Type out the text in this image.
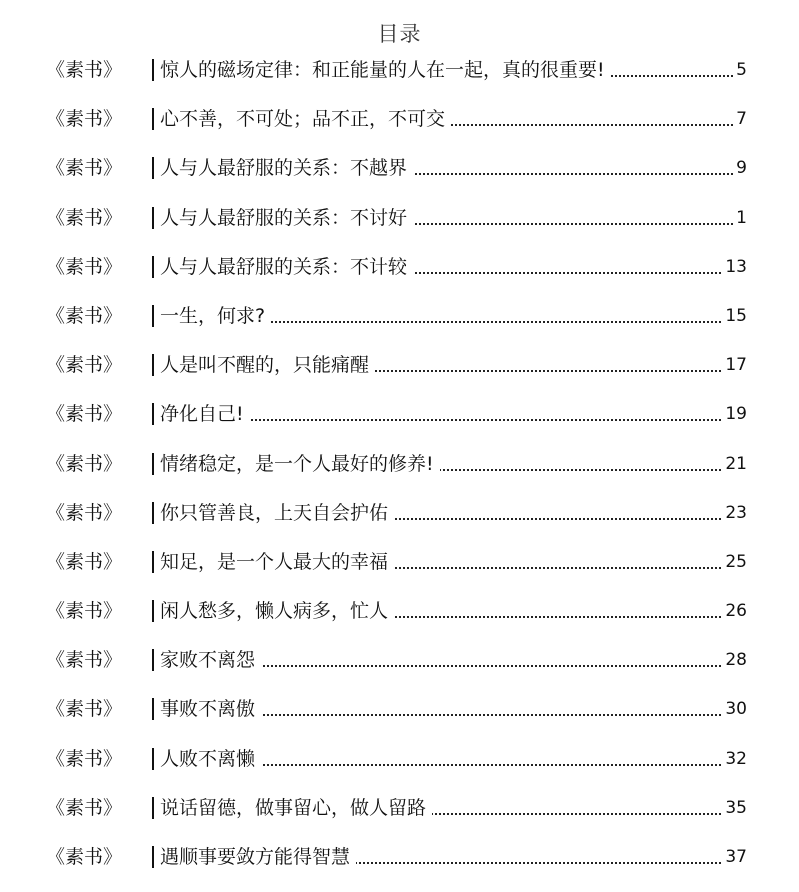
目录
《素书》 惊人的磁场定律：和正能量的人在一起，真的很重要!	5
《素书》 心不善，不可处；品不正，不可交	7
《素书》 人与人最舒服的关系：不越界	9
《素书》 人与人最舒服的关系：不讨好	1
《素书》 人与人最舒服的关系：不计较	13
《素书》 一生，何求?	15
《素书》 人是叫不醒的，只能痛醒	17
《素书》 净化自己!	19
《素书》 情绪稳定，是一个人最好的修养!	21
《素书》 你只管善良，上天自会护佑	23
《素书》 知足，是一个人最大的幸福	25
《素书》 闲人愁多，懒人病多，忙人	26
《素书》 家败不离怨	28
《素书》 事败不离傲	30
《素书》 人败不离懒	32
《素书》 说话留德，做事留心，做人留路	35
《素书》 遇顺事要敛方能得智慧	37
